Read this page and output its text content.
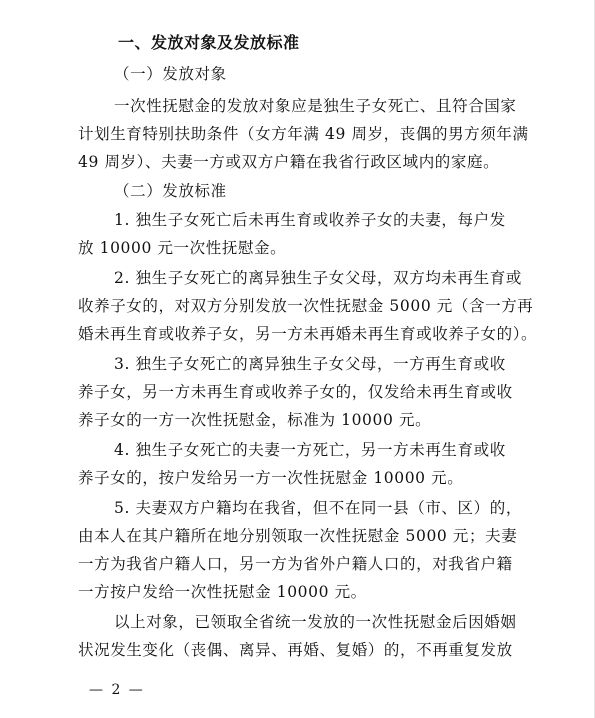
一、发放对象及发放标准
（一）发放对象
一次性抚慰金的发放对象应是独生子女死亡、且符合国家
计划生育特别扶助条件（女方年满 49 周岁，丧偶的男方须年满
49 周岁）、夫妻一方或双方户籍在我省行政区域内的家庭。
（二）发放标准
1. 独生子女死亡后未再生育或收养子女的夫妻，每户发
放 10000 元一次性抚慰金。
2. 独生子女死亡的离异独生子女父母，双方均未再生育或
收养子女的，对双方分别发放一次性抚慰金 5000 元（含一方再
婚未再生育或收养子女，另一方未再婚未再生育或收养子女的）。
3. 独生子女死亡的离异独生子女父母，一方再生育或收
养子女，另一方未再生育或收养子女的，仅发给未再生育或收
养子女的一方一次性抚慰金，标准为 10000 元。
4. 独生子女死亡的夫妻一方死亡，另一方未再生育或收
养子女的，按户发给另一方一次性抚慰金 10000 元。
5. 夫妻双方户籍均在我省，但不在同一县（市、区）的，
由本人在其户籍所在地分别领取一次性抚慰金 5000 元；夫妻
一方为我省户籍人口，另一方为省外户籍人口的，对我省户籍
一方按户发给一次性抚慰金 10000 元。
以上对象，已领取全省统一发放的一次性抚慰金后因婚姻
状况发生变化（丧偶、离异、再婚、复婚）的，不再重复发放
— 2 —
